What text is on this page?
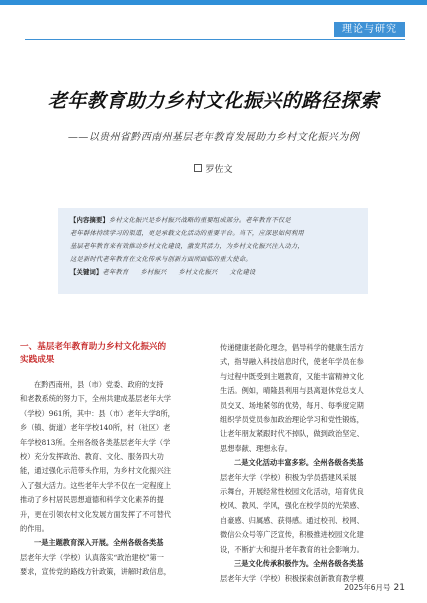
理论与研究
老年教育助力乡村文化振兴的路径探索
——以贵州省黔西南州基层老年教育发展助力乡村文化振兴为例
罗佐文
【内容摘要】乡村文化振兴是乡村振兴战略的重要组成部分。老年教育不仅是
老年群体持续学习的渠道，更是承载文化活动的重要平台。当下，应深思如何利用
基层老年教育来有效推动乡村文化建设，激发其活力，为乡村文化振兴注入动力，
这是新时代老年教育在文化传承与创新方面所面临的重大使命。
【关键词】老年教育 乡村振兴 乡村文化振兴 文化建设
一、基层老年教育助力乡村文化振兴的
实践成果
在黔西南州，县（市）党委、政府的支持
和老教系统的努力下，全州共建成基层老年大学
（学校）961所，其中：县（市）老年大学8所，
乡（镇、街道）老年学校140所，村（社区）老
年学校813所。全州各级各类基层老年大学（学
校）充分发挥政治、教育、文化、服务四大功
能，通过强化示范带头作用，为乡村文化振兴注
入了强大活力。这些老年大学不仅在一定程度上
推动了乡村居民思想道德和科学文化素养的提
升，更在引领农村文化发展方面发挥了不可替代
的作用。
一是主题教育深入开展。全州各级各类基
层老年大学（学校）认真落实“政治建校”第一
要求，宣传党的路线方针政策，讲解时政信息，
传递健康老龄化理念，倡导科学的健康生活方
式，指导融入科技信息时代，使老年学员在参
与过程中既受到主题教育，又能丰富精神文化
生活。例如，晴隆县利用与县离退休党总支人
员交叉、场地紧邻的优势，每月、每季度定期
组织学员党员参加政治理论学习和党性锻炼，
让老年朋友紧跟时代不掉队，做到政治坚定、
思想奉献、理想永存。
二是文化活动丰富多彩。全州各级各类基
层老年大学（学校）积极为学员搭建风采展
示舞台，开展经常性校园文化活动，培育优良
校风、教风、学风，强化在校学员的光荣感、
自豪感、归属感、获得感。通过校刊、校网、
微信公众号等广泛宣传，积极推进校园文化建
设，不断扩大和提升老年教育的社会影响力。
三是文化传承积极作为。全州各级各类基
层老年大学（学校）积极探索创新教育教学模
2025年6月号 21
